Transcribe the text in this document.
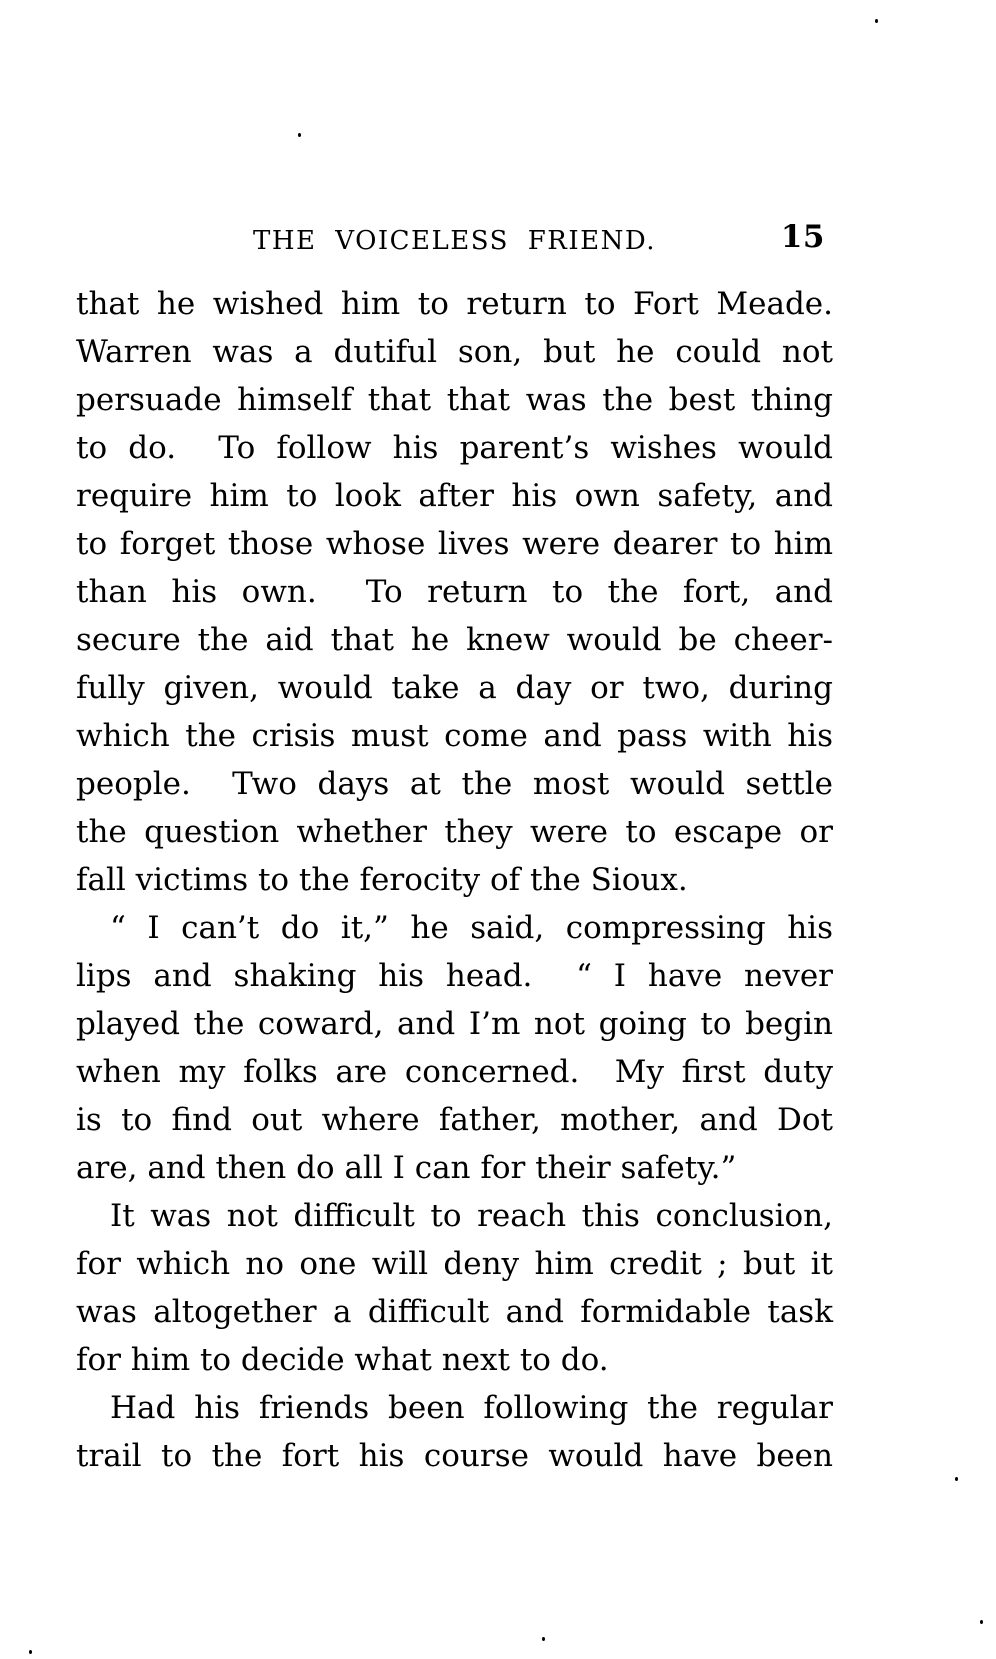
THE VOICELESS FRIEND.	15
that he wished him to return to Fort Meade.
Warren was a dutiful son, but he could not
persuade himself that that was the best thing
to do.  To follow his parent’s wishes would
require him to look after his own safety, and
to forget those whose lives were dearer to him
than his own.  To return to the fort, and
secure the aid that he knew would be cheer-
fully given, would take a day or two, during
which the crisis must come and pass with his
people.  Two days at the most would settle
the question whether they were to escape or
fall victims to the ferocity of the Sioux.
“ I can’t do it,” he said, compressing his
lips and shaking his head.  “ I have never
played the coward, and I’m not going to begin
when my folks are concerned.  My first duty
is to find out where father, mother, and Dot
are, and then do all I can for their safety.”
It was not difficult to reach this conclusion,
for which no one will deny him credit ; but it
was altogether a difficult and formidable task
for him to decide what next to do.
Had his friends been following the regular
trail to the fort his course would have been
